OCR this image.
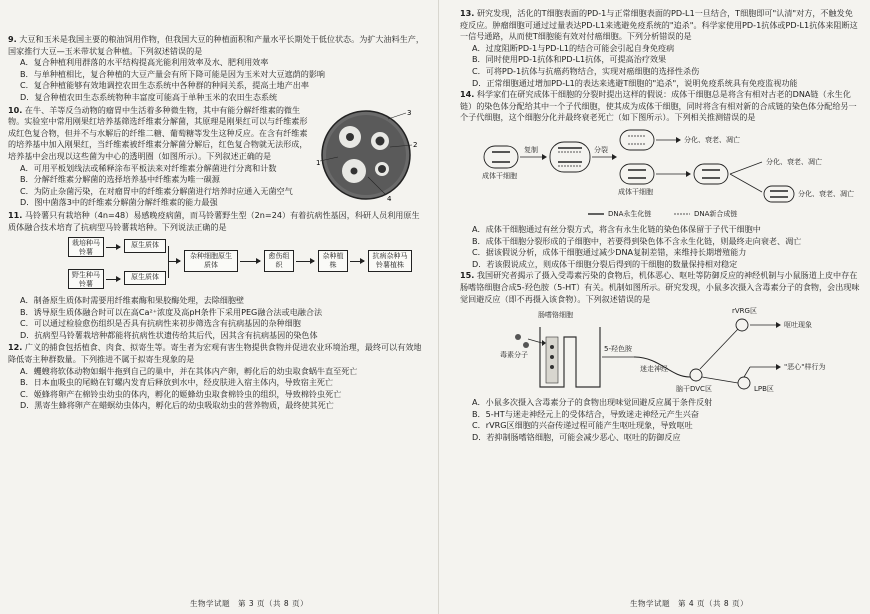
9. 大豆和玉米是我国主要的粮油饲用作物，但我国大豆的种植面积和产量水平长期处于低位状态。为扩大油料生产，国家推行大豆—玉米带状复合种植。下列叙述错误的是

A．复合种植利用群落的水平结构提高光能利用效率及水、肥利用效率

B．与单种植相比，复合种植的大豆产量会有所下降可能是因为玉米对大豆遮荫的影响

C．复合种植能够有效地调控农田生态系统中各种群的种间关系，提高土地产出率

D．复合种植农田生态系统物种丰富度可能高于单种玉米的农田生态系统

10. 在牛、羊等反刍动物的瘤胃中生活着多种微生物，其中有能分解纤维素的微生物。实验室中常用刚果红培养基筛选纤维素分解菌，其原理是刚果红可以与纤维素形成红色复合物，但并不与水解后的纤维二糖、葡萄糖等发生这种反应。在含有纤维素的培养基中加入刚果红，当纤维素被纤维素分解菌分解后，红色复合物就无法形成，培养基中会出现以这些菌为中心的透明圈（如图所示）。下列叙述正确的是

3
2
4
1

A．可用平板划线法或稀释涂布平板法来对纤维素分解菌进行分离和计数

B．分解纤维素分解菌的选择培养基中纤维素为唯一碳源

C．为防止杂菌污染，在对瘤胃中的纤维素分解菌进行培养时应通入无菌空气

D．图中菌落3中的纤维素分解菌分解纤维素的能力最强

11. 马铃薯只有栽培种（4n=48）易感晚疫病菌，而马铃薯野生型（2n=24）有着抗病性基因，科研人员利用原生质体融合技术培育了抗病型马铃薯栽培种。下列说法正确的是

栽培种马铃薯
野生种马铃薯
原生质体
原生质体
杂种细胞原生质体
愈伤组织
杂种植株
抗病杂种马铃薯植株

A．制备原生质体时需要用纤维素酶和果胶酶处理，去除细胞壁

B．诱导原生质体融合时可以在高Ca²⁺浓度及高pH条件下采用PEG融合法或电融合法

C．可以通过检验愈伤组织是否具有抗病性来初步筛选含有抗病基因的杂种细胞

D．抗病型马铃薯栽培种都能将抗病性状遗传给其后代，因其含有抗病基因的染色体

12. 广义的捕食包括植食、肉食、拟寄生等。寄生者为宏观有害生物提供食物并促进农业环境治理，最终可以有效地降低寄主种群数量。下列推进不属于拟寄生现象的是

A．蠼螋将软体动物如蜗牛拖到自己的巢中，并在其体内产卵，孵化后的幼虫取食蜗牛直至死亡

B．日本血吸虫的尾蚴在钉螺内发育后释放到水中，经皮肤进入宿主体内，导致宿主死亡

C．姬蜂将卵产在棉铃虫幼虫的体内，孵化的姬蜂幼虫取食棉铃虫的组织，导致棉铃虫死亡

D．黑寄生蜂将卵产在蜡螟幼虫体内，孵化后的幼虫吸取幼虫的营养物质，最终使其死亡

生物学试题　第 3 页（共 8 页）

13. 研究发现，活化的T细胞表面的PD-1与正常细胞表面的PD-L1一旦结合，T细胞即可"认清"对方，不触发免疫反应。肿瘤细胞可通过过量表达PD-L1来逃避免疫系统的"追杀"。科学家使用PD-1抗体或PD-L1抗体来阻断这一信号通路，从而使T细胞能有效对付癌细胞。下列分析错误的是

A．过度阻断PD-1与PD-L1的结合可能会引起自身免疫病

B．同时使用PD-1抗体和PD-L1抗体，可提高治疗效果

C．可将PD-1抗体与抗癌药物结合，实现对癌细胞的选择性杀伤

D．正常细胞通过增加PD-L1的表达来逃避T细胞的"追杀"，说明免疫系统具有免疫监视功能

14. 科学家们在研究成体干细胞的分裂时提出这样的假说：成体干细胞总是将含有相对古老的DNA链（永生化链）的染色体分配给其中一个子代细胞，使其成为成体干细胞，同时将含有相对新的合成链的染色体分配给另一个子代细胞，这个细胞分化并最终衰老死亡（如下图所示）。下列相关推测错误的是

成体干细胞
复制	分裂
成体干细胞
分化、衰老、凋亡
分化、衰老、凋亡
分化、衰老、凋亡
DNA永生化链	DNA新合成链

A．成体干细胞通过有丝分裂方式，将含有永生化链的染色体保留于子代干细胞中

B．成体干细胞分裂形成的子细胞中，若要得到染色体不含永生化链，则最终走向衰老、凋亡

C．据该假说分析，成体干细胞通过减少DNA复制差错，来维持长期增殖能力

D．若该假说成立，则成体干细胞分裂后得到的干细胞的数量保持相对稳定

15. 我国研究者揭示了摄入受毒素污染的食物后，机体恶心、呕吐等防御反应的神经机制与小鼠肠道上皮中存在肠嗜铬细胞合成5-羟色胺（5-HT）有关。机制如图所示。研究发现，小鼠多次摄入含毒素分子的食物，会出现味觉回避反应（即不再摄入该食物）。下列叙述错误的是

肠嗜铬细胞
毒素分子
5-羟色胺
迷走神经
脑干DVC区
rVRG区
LPB区
呕吐现象
"恶心"样行为

A．小鼠多次摄入含毒素分子的食物出现味觉回避反应属于条件反射

B．5-HT与迷走神经元上的受体结合，导致迷走神经元产生兴奋

C．rVRG区细胞的兴奋传递过程可能产生呕吐现象，导致呕吐

D．若抑制肠嗜铬细胞，可能会减少恶心、呕吐的防御反应

生物学试题　第 4 页（共 8 页）
